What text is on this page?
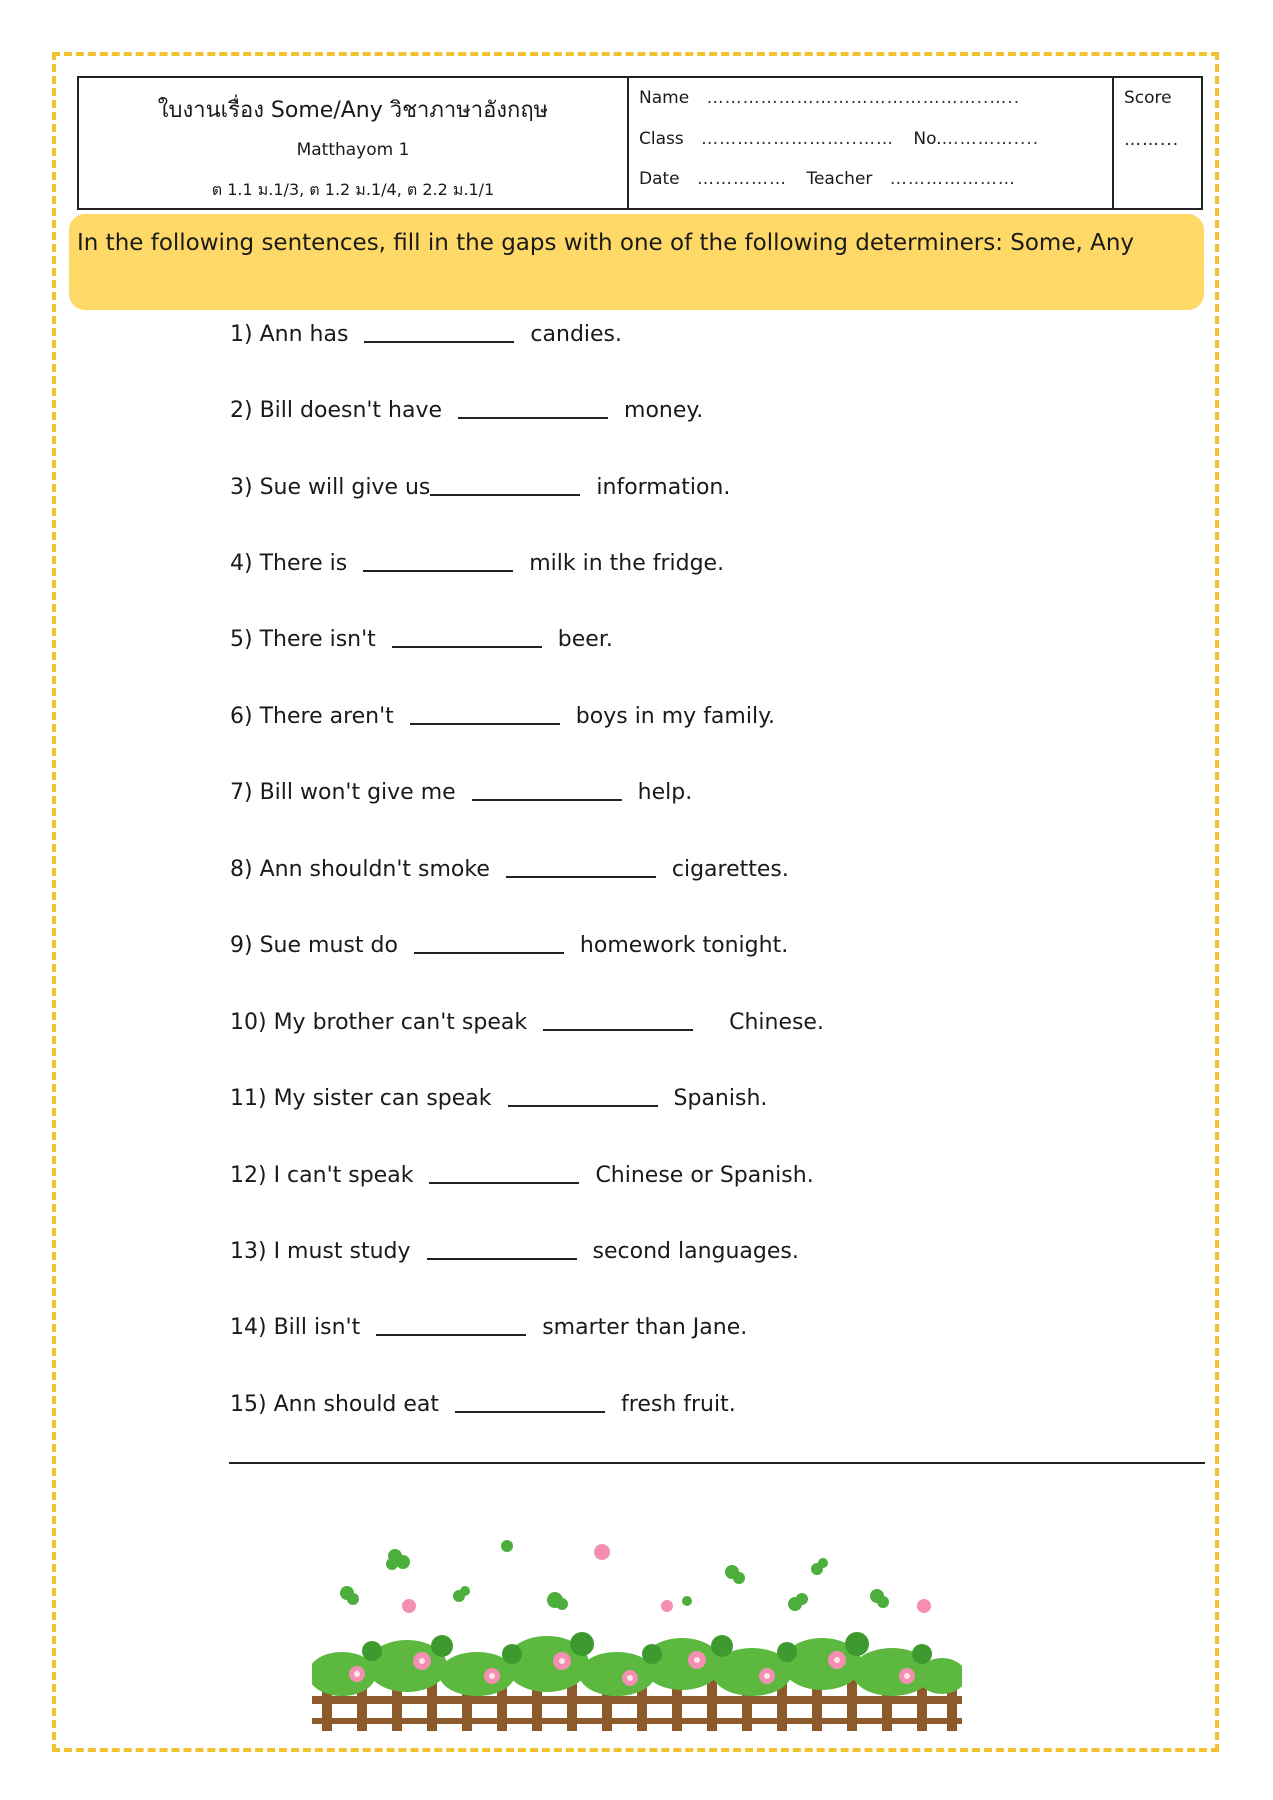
ใบงานเรื่อง Some/Any วิชาภาษาอังกฤษ
Matthayom 1
ต 1.1 ม.1/3, ต 1.2 ม.1/4, ต 2.2 ม.1/1
Name ………………………………………..…..
Class ……………………..…… No.…………....
Date …………… Teacher …………………
Score
……...
In the following sentences, fill in the gaps with one of the following determiners: Some, Any
1) Ann has	candies.
2) Bill doesn't have	money.
3) Sue will give us	information.
4) There is	milk in the fridge.
5) There isn't	beer.
6) There aren't	boys in my family.
7) Bill won't give me	help.
8) Ann shouldn't smoke	cigarettes.
9) Sue must do	homework tonight.
10) My brother can't speak	Chinese.
11) My sister can speak	Spanish.
12) I can't speak	Chinese or Spanish.
13) I must study	second languages.
14) Bill isn't	smarter than Jane.
15) Ann should eat	fresh fruit.
